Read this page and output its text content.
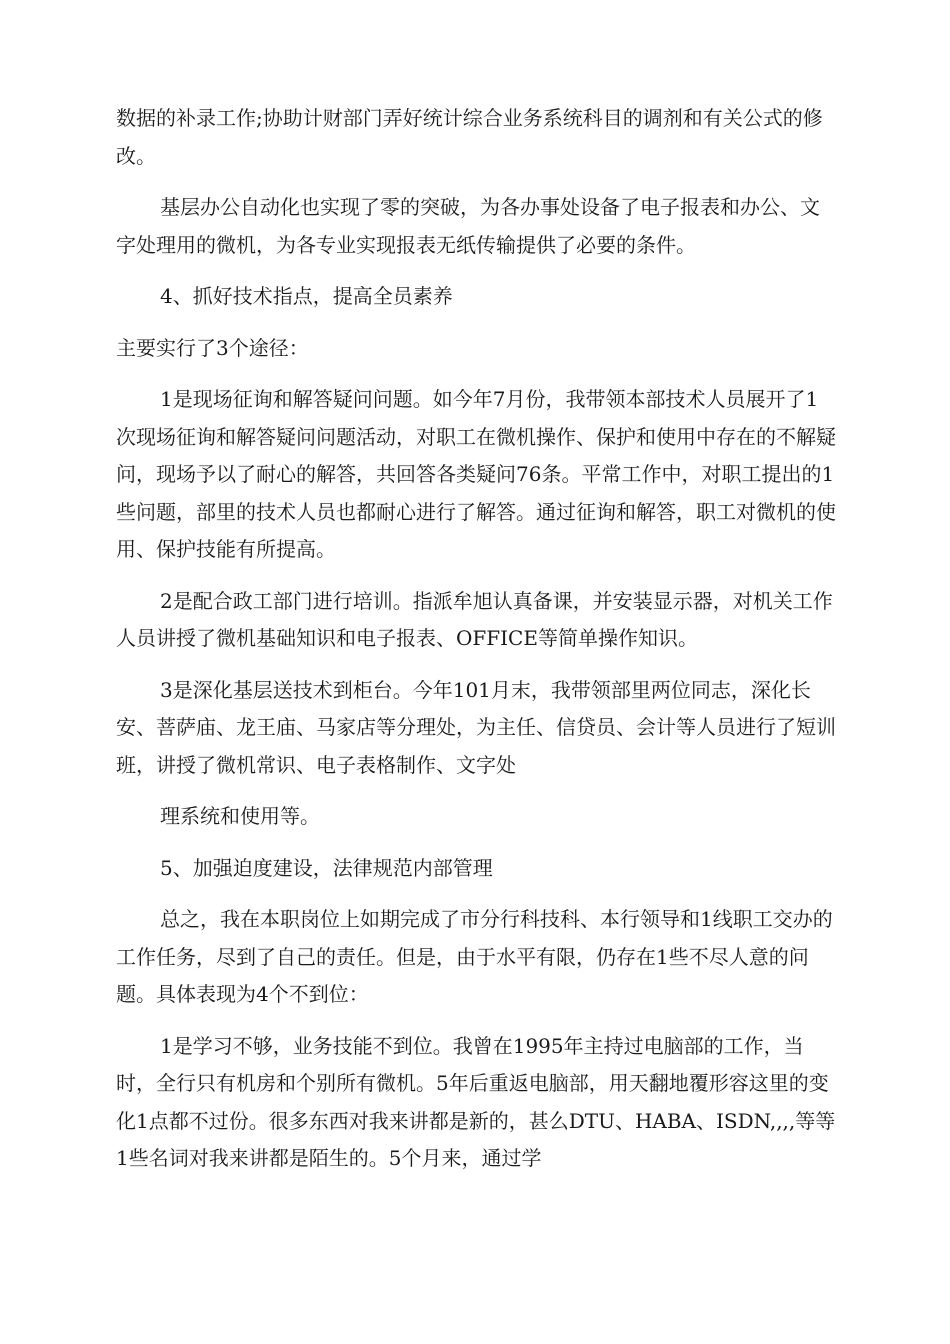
数据的补录工作;协助计财部门弄好统计综合业务系统科目的调剂和有关公式的修改。

基层办公自动化也实现了零的突破，为各办事处设备了电子报表和办公、文字处理用的微机，为各专业实现报表无纸传输提供了必要的条件。

4、抓好技术指点，提高全员素养

主要实行了3个途径：

1是现场征询和解答疑问问题。如今年7月份，我带领本部技术人员展开了1次现场征询和解答疑问问题活动，对职工在微机操作、保护和使用中存在的不解疑问，现场予以了耐心的解答，共回答各类疑问76条。平常工作中，对职工提出的1些问题，部里的技术人员也都耐心进行了解答。通过征询和解答，职工对微机的使用、保护技能有所提高。

2是配合政工部门进行培训。指派牟旭认真备课，并安装显示器，对机关工作人员讲授了微机基础知识和电子报表、OFFICE等简单操作知识。

3是深化基层送技术到柜台。今年101月末，我带领部里两位同志，深化长安、菩萨庙、龙王庙、马家店等分理处，为主任、信贷员、会计等人员进行了短训班，讲授了微机常识、电子表格制作、文字处

理系统和使用等。

5、加强迫度建设，法律规范内部管理

总之，我在本职岗位上如期完成了市分行科技科、本行领导和1线职工交办的工作任务，尽到了自己的责任。但是，由于水平有限，仍存在1些不尽人意的问题。具体表现为4个不到位：

1是学习不够，业务技能不到位。我曾在1995年主持过电脑部的工作，当时，全行只有机房和个别所有微机。5年后重返电脑部，用天翻地覆形容这里的变化1点都不过份。很多东西对我来讲都是新的，甚么DTU、HABA、ISDN,,,,等等1些名词对我来讲都是陌生的。5个月来，通过学
